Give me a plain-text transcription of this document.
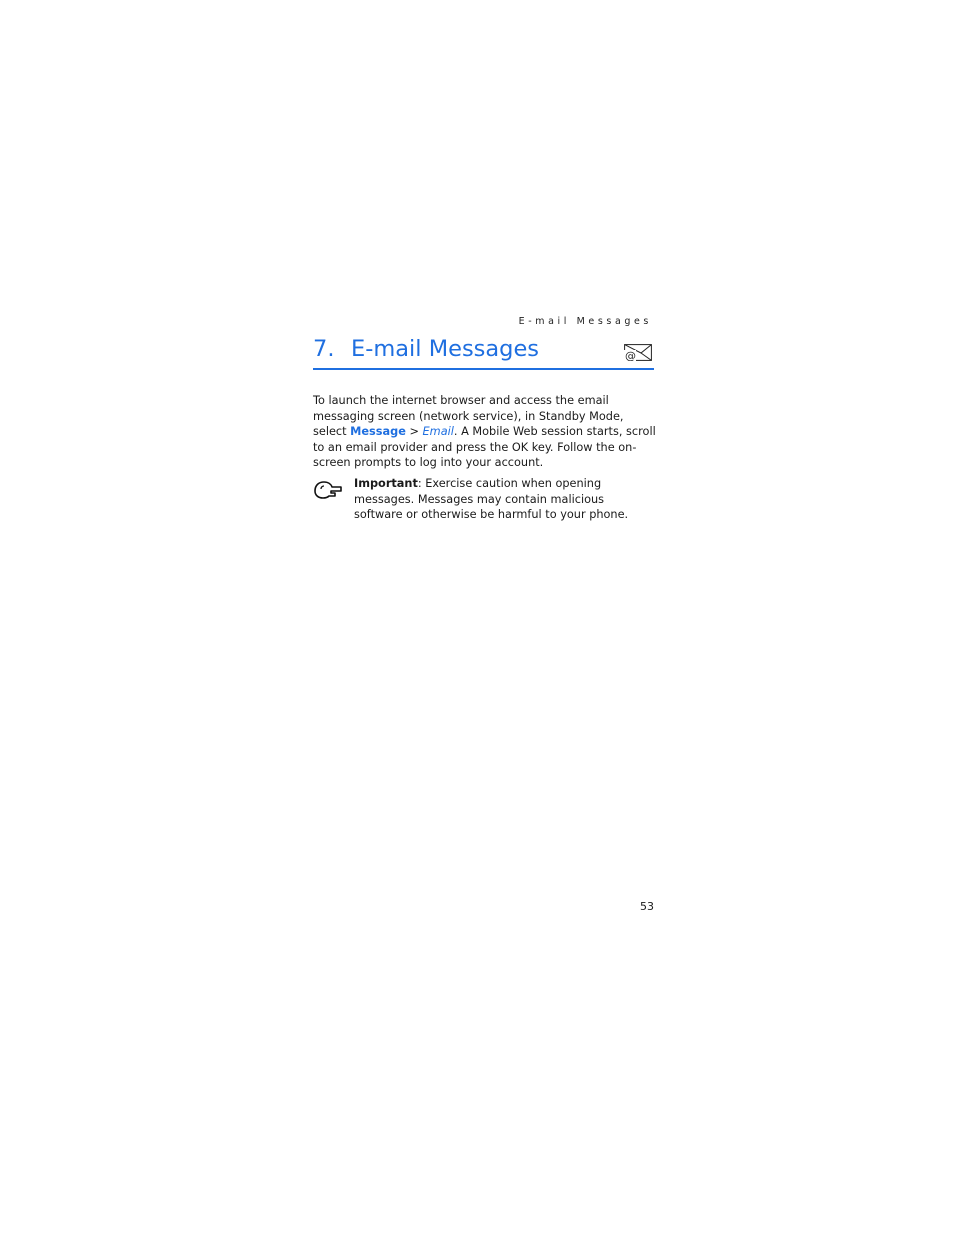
E-mail Messages
7. E-mail Messages	@

To launch the internet browser and access the email messaging screen (network service), in Standby Mode, select Message > Email. A Mobile Web session starts, scroll to an email provider and press the OK key. Follow the on-screen prompts to log into your account.

Important: Exercise caution when opening messages. Messages may contain malicious software or otherwise be harmful to your phone.

53
